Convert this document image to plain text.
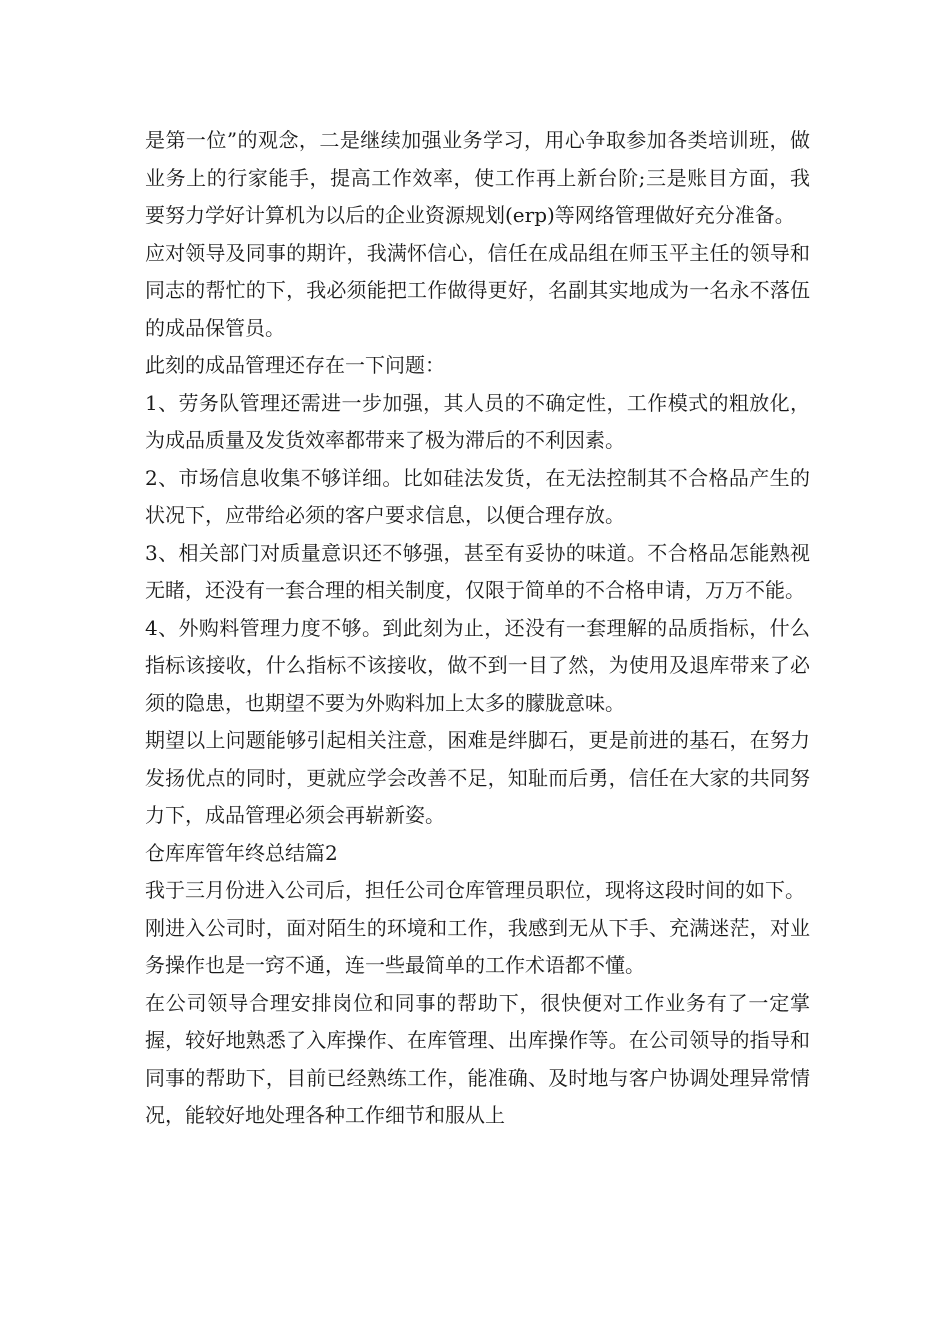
是第一位”的观念，二是继续加强业务学习，用心争取参加各类培训班，做业务上的行家能手，提高工作效率，使工作再上新台阶;三是账目方面，我要努力学好计算机为以后的企业资源规划(erp)等网络管理做好充分准备。

应对领导及同事的期许，我满怀信心，信任在成品组在师玉平主任的领导和同志的帮忙的下，我必须能把工作做得更好，名副其实地成为一名永不落伍的成品保管员。

此刻的成品管理还存在一下问题：

1、劳务队管理还需进一步加强，其人员的不确定性，工作模式的粗放化，为成品质量及发货效率都带来了极为滞后的不利因素。

2、市场信息收集不够详细。比如硅法发货，在无法控制其不合格品产生的状况下，应带给必须的客户要求信息，以便合理存放。

3、相关部门对质量意识还不够强，甚至有妥协的味道。不合格品怎能熟视无睹，还没有一套合理的相关制度，仅限于简单的不合格申请，万万不能。

4、外购料管理力度不够。到此刻为止，还没有一套理解的品质指标，什么指标该接收，什么指标不该接收，做不到一目了然，为使用及退库带来了必须的隐患，也期望不要为外购料加上太多的朦胧意味。

期望以上问题能够引起相关注意，困难是绊脚石，更是前进的基石，在努力发扬优点的同时，更就应学会改善不足，知耻而后勇，信任在大家的共同努力下，成品管理必须会再崭新姿。

仓库库管年终总结篇2

我于三月份进入公司后，担任公司仓库管理员职位，现将这段时间的如下。

刚进入公司时，面对陌生的环境和工作，我感到无从下手、充满迷茫，对业务操作也是一窍不通，连一些最简单的工作术语都不懂。

在公司领导合理安排岗位和同事的帮助下，很快便对工作业务有了一定掌握，较好地熟悉了入库操作、在库管理、出库操作等。在公司领导的指导和同事的帮助下，目前已经熟练工作，能准确、及时地与客户协调处理异常情况，能较好地处理各种工作细节和服从上
